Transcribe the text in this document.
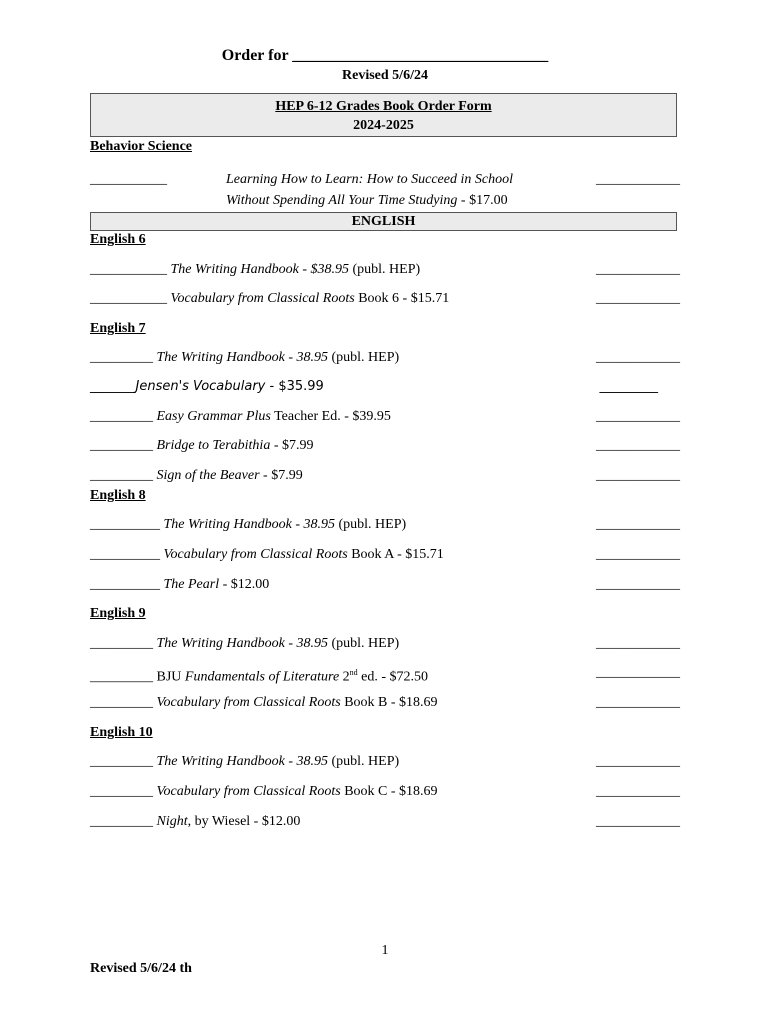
Order for ________________________________
Revised 5/6/24
HEP 6-12 Grades Book Order Form
2024-2025
Behavior Science
___________	Learning How to Learn: How to Succeed in School
Without Spending All Your Time Studying - $17.00
____________
ENGLISH
English 6
___________ The Writing Handbook - $38.95 (publ. HEP)	____________
___________ Vocabulary from Classical Roots Book 6 - $15.71	____________
English 7
_________ The Writing Handbook - 38.95 (publ. HEP)	____________
_______Jensen's Vocabulary - $35.99	_________
_________ Easy Grammar Plus Teacher Ed. - $39.95	____________
_________ Bridge to Terabithia - $7.99	____________
_________ Sign of the Beaver - $7.99	____________
English 8
__________ The Writing Handbook - 38.95 (publ. HEP)	____________
__________ Vocabulary from Classical Roots Book A - $15.71	____________
__________ The Pearl - $12.00	____________
English 9
_________ The Writing Handbook - 38.95 (publ. HEP)	____________
_________ BJU Fundamentals of Literature 2nd ed. - $72.50	____________
_________ Vocabulary from Classical Roots Book B - $18.69	____________
English 10
_________ The Writing Handbook - 38.95 (publ. HEP)	____________
_________ Vocabulary from Classical Roots Book C - $18.69	____________
_________ Night, by Wiesel - $12.00	____________
1
Revised 5/6/24 th
